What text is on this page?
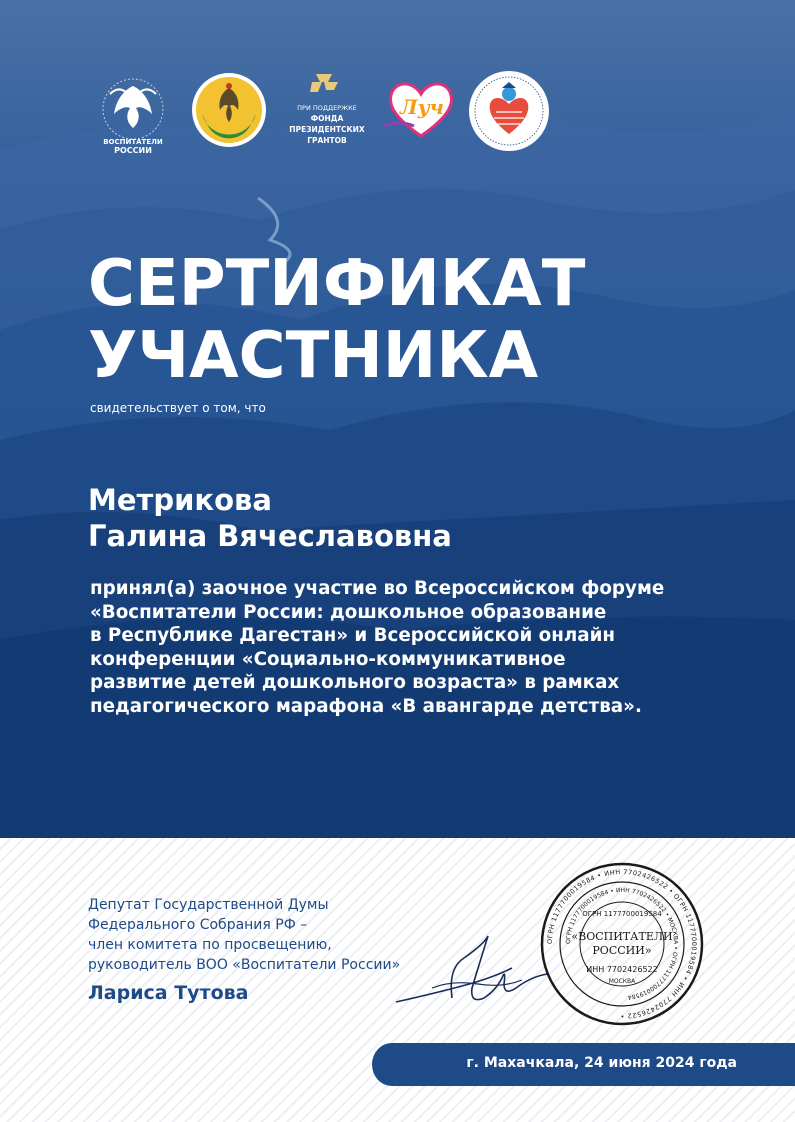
ВОСПИТАТЕЛИ
РОССИИ
ПРИ ПОДДЕРЖКЕ
ФОНДА
ПРЕЗИДЕНТСКИХ
ГРАНТОВ
Луч
СЕРТИФИКАТ
УЧАСТНИКА
свидетельствует о том, что
Метрикова
Галина Вячеславовна
принял(а) заочное участие во Всероссийском форуме
«Воспитатели России: дошкольное образование
в Республике Дагестан» и Всероссийской онлайн
конференции «Социально-коммуникативное
развитие детей дошкольного возраста» в рамках
педагогического марафона «В авангарде детства».
Депутат Государственной Думы
Федерального Собрания РФ –
член комитета по просвещению,
руководитель ВОО «Воспитатели России»
Лариса Тутова
ОГРН 1177700019584 • ИНН 7702426522 • ОГРН 1177700019584 • ИНН 7702426522 •
ОГРН 1177700019584 • ИНН 7702426522 • МОСКВА • ОГРН 1177700019584
«ВОСПИТАТЕЛИ
РОССИИ»
ИНН 7702426522
МОСКВА
ОГРН 1177700019584
г. Махачкала, 24 июня 2024 года
